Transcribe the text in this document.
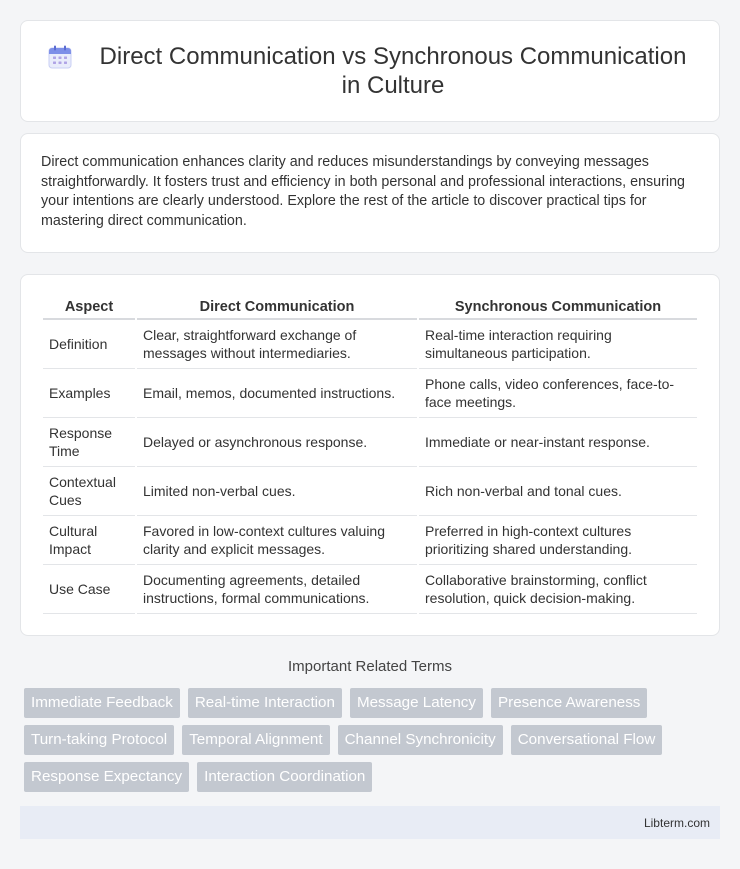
Direct Communication vs Synchronous Communication in Culture

Direct communication enhances clarity and reduces misunderstandings by conveying messages straightforwardly. It fosters trust and efficiency in both personal and professional interactions, ensuring your intentions are clearly understood. Explore the rest of the article to discover practical tips for mastering direct communication.

Aspect	Direct Communication	Synchronous Communication
Definition	Clear, straightforward exchange of messages without intermediaries.	Real-time interaction requiring simultaneous participation.
Examples	Email, memos, documented instructions.	Phone calls, video conferences, face-to-face meetings.
Response Time	Delayed or asynchronous response.	Immediate or near-instant response.
Contextual Cues	Limited non-verbal cues.	Rich non-verbal and tonal cues.
Cultural Impact	Favored in low-context cultures valuing clarity and explicit messages.	Preferred in high-context cultures prioritizing shared understanding.
Use Case	Documenting agreements, detailed instructions, formal communications.	Collaborative brainstorming, conflict resolution, quick decision-making.
Important Related Terms
Immediate Feedback	Real-time Interaction	Message Latency	Presence Awareness
Turn-taking Protocol	Temporal Alignment	Channel Synchronicity	Conversational Flow
Response Expectancy	Interaction Coordination
Libterm.com
